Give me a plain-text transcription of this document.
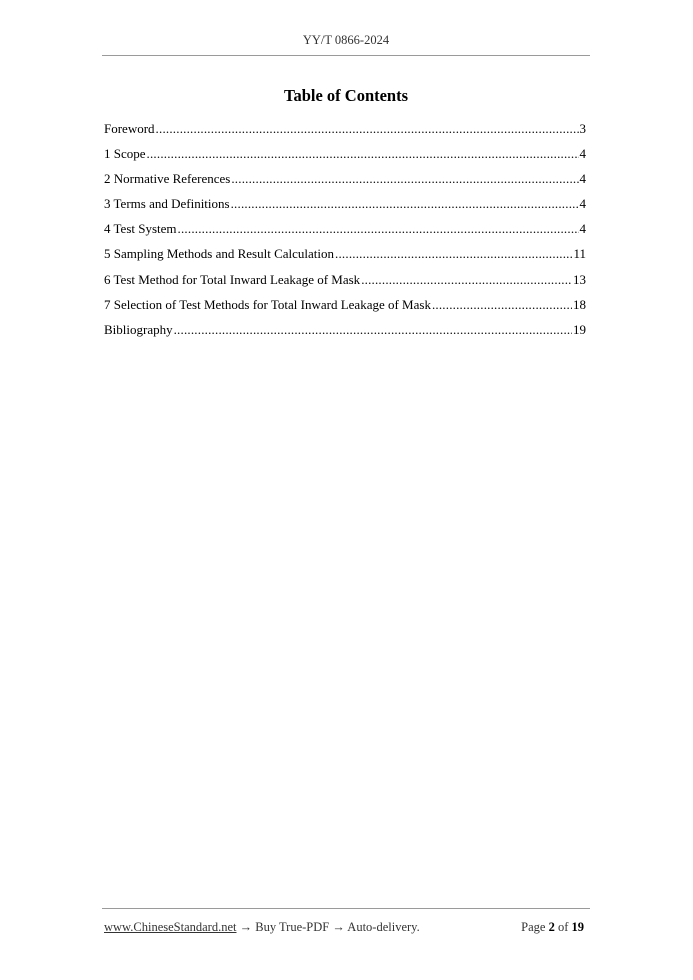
YY/T 0866-2024
Table of Contents
Foreword .....	3
1 Scope .....	4
2 Normative References .....	4
3 Terms and Definitions .....	4
4 Test System .....	4
5 Sampling Methods and Result Calculation .....	11
6 Test Method for Total Inward Leakage of Mask .....	13
7 Selection of Test Methods for Total Inward Leakage of Mask .....	18
Bibliography .....	19
www.ChineseStandard.net → Buy True-PDF → Auto-delivery.	Page 2 of 19
